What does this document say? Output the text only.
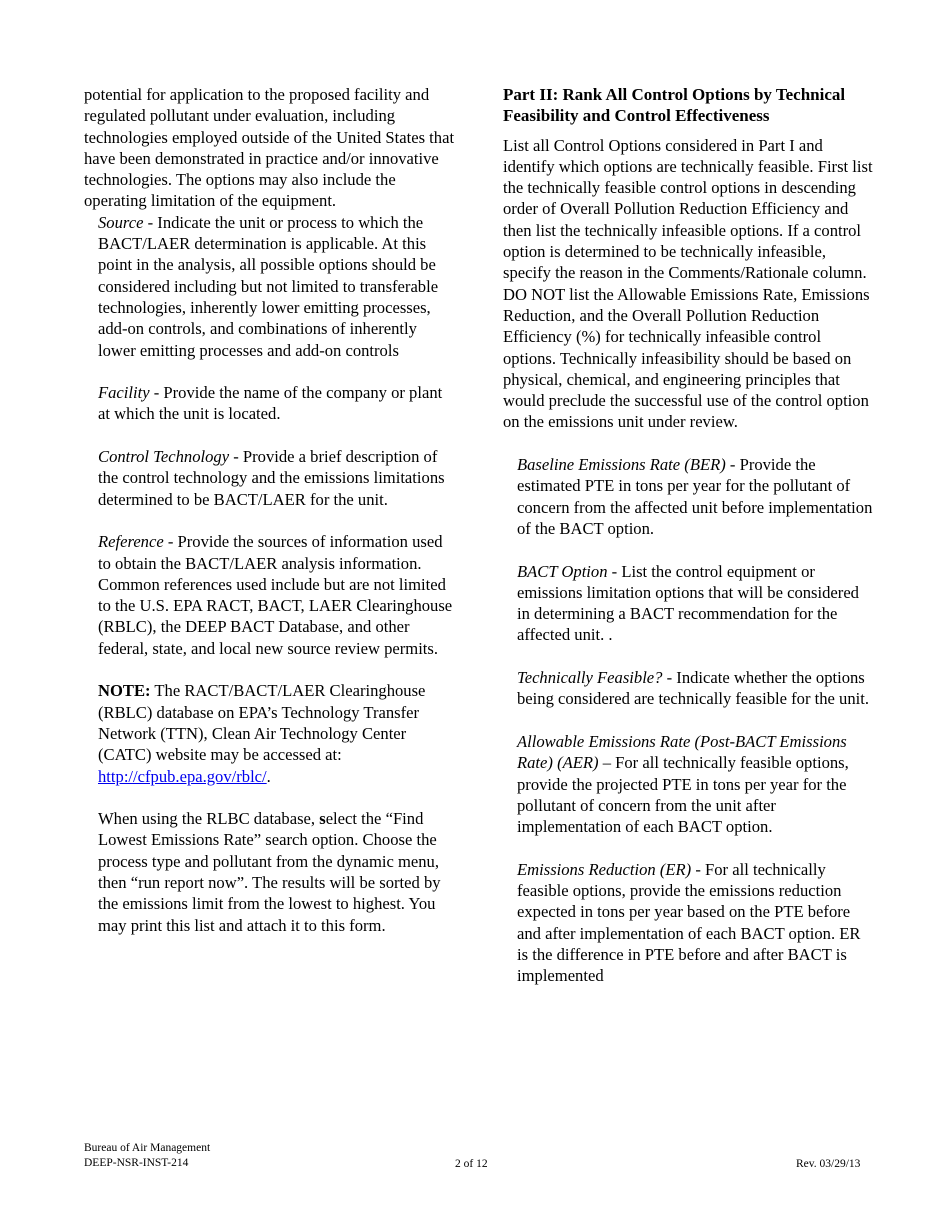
potential for application to the proposed facility and regulated pollutant under evaluation, including technologies employed outside of the United States that have been demonstrated in practice and/or innovative technologies. The options may also include the operating limitation of the equipment.

Source - Indicate the unit or process to which the BACT/LAER determination is applicable. At this point in the analysis, all possible options should be considered including but not limited to transferable technologies, inherently lower emitting processes, add-on controls, and combinations of inherently lower emitting processes and add-on controls

Facility - Provide the name of the company or plant at which the unit is located.

Control Technology - Provide a brief description of the control technology and the emissions limitations determined to be BACT/LAER for the unit.

Reference - Provide the sources of information used to obtain the BACT/LAER analysis information. Common references used include but are not limited to the U.S. EPA RACT, BACT, LAER Clearinghouse (RBLC), the DEEP BACT Database, and other federal, state, and local new source review permits.

NOTE: The RACT/BACT/LAER Clearinghouse (RBLC) database on EPA’s Technology Transfer Network (TTN), Clean Air Technology Center (CATC) website may be accessed at: http://cfpub.epa.gov/rblc/.

When using the RLBC database, select the “Find Lowest Emissions Rate” search option. Choose the process type and pollutant from the dynamic menu, then “run report now”. The results will be sorted by the emissions limit from the lowest to highest. You may print this list and attach it to this form.

Part II: Rank All Control Options by Technical Feasibility and Control Effectiveness

List all Control Options considered in Part I and identify which options are technically feasible. First list the technically feasible control options in descending order of Overall Pollution Reduction Efficiency and then list the technically infeasible options. If a control option is determined to be technically infeasible, specify the reason in the Comments/Rationale column. DO NOT list the Allowable Emissions Rate, Emissions Reduction, and the Overall Pollution Reduction Efficiency (%) for technically infeasible control options. Technically infeasibility should be based on physical, chemical, and engineering principles that would preclude the successful use of the control option on the emissions unit under review.

Baseline Emissions Rate (BER) - Provide the estimated PTE in tons per year for the pollutant of concern from the affected unit before implementation of the BACT option.

BACT Option - List the control equipment or emissions limitation options that will be considered in determining a BACT recommendation for the affected unit. .

Technically Feasible? - Indicate whether the options being considered are technically feasible for the unit.

Allowable Emissions Rate (Post-BACT Emissions Rate) (AER) – For all technically feasible options, provide the projected PTE in tons per year for the pollutant of concern from the unit after implementation of each BACT option.

Emissions Reduction (ER) - For all technically feasible options, provide the emissions reduction expected in tons per year based on the PTE before and after implementation of each BACT option. ER is the difference in PTE before and after BACT is implemented

Bureau of Air Management
DEEP-NSR-INST-214	2 of 12	Rev. 03/29/13
